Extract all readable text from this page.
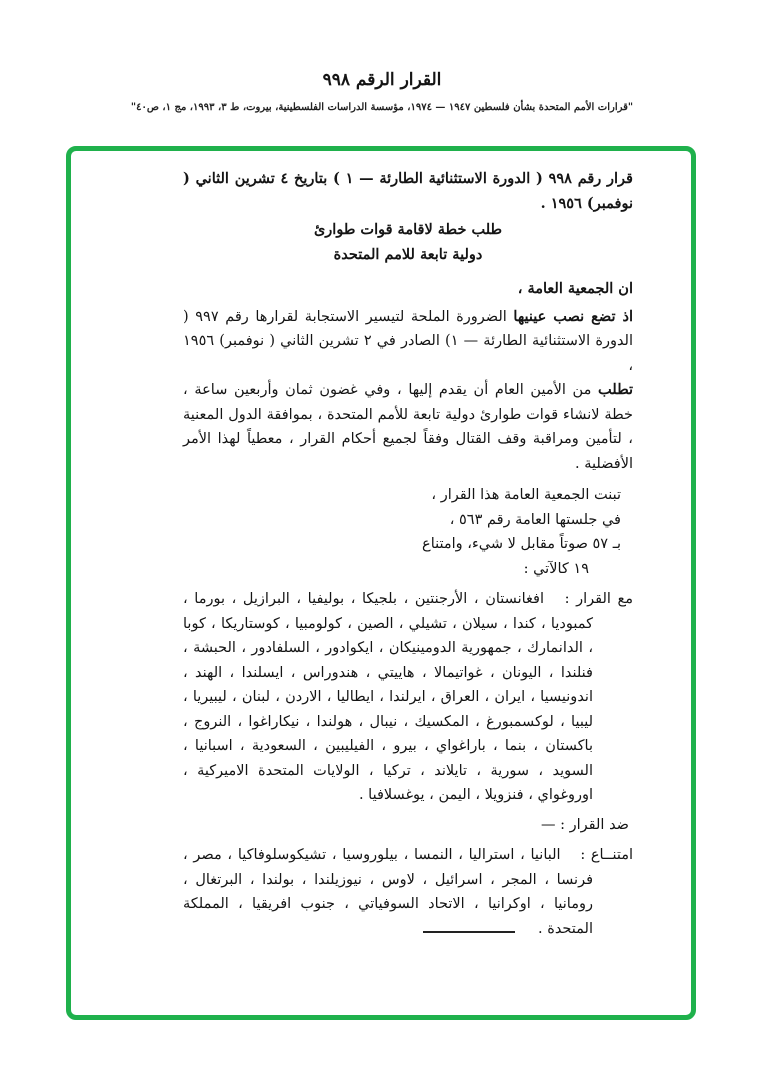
القرار الرقم ٩٩٨
"قرارات الأمم المتحدة بشأن فلسطين ١٩٤٧ — ١٩٧٤، مؤسسة الدراسات الفلسطينية، بيروت، ط ٣، ١٩٩٣، مج ١، ص٤٠"

قرار رقم ٩٩٨ ( الدورة الاستثنائية الطارئة — ١ ) بتاريخ ٤ تشرين الثاني ( نوفمبر) ١٩٥٦ .

طلب خطة لاقامة قوات طوارئ
دولية تابعة للامم المتحدة

ان الجمعية العامة ،

اذ تضع نصب عينيها الضرورة الملحة لتيسير الاستجابة لقرارها رقم ٩٩٧ ( الدورة الاستثنائية الطارئة — ١) الصادر في ٢ تشرين الثاني ( نوفمبر) ١٩٥٦ ،

تطلب من الأمين العام أن يقدم إليها ، وفي غضون ثمان وأربعين ساعة ، خطة لانشاء قوات طوارئ دولية تابعة للأمم المتحدة ، بموافقة الدول المعنية ، لتأمين ومراقبة وقف القتال وفقاً لجميع أحكام القرار ، معطياً لهذا الأمر الأفضلية .

تبنت الجمعية العامة هذا القرار ،
في جلستها العامة رقم ٥٦٣ ،
بـ ٥٧ صوتاً مقابل لا شيء، وامتناع
١٩ كالآتي :

مع القرار : افغانستان ، الأرجنتين ، بلجيكا ، بوليفيا ، البرازيل ، بورما ، كمبوديا ، كندا ، سيلان ، تشيلي ، الصين ، كولومبيا ، كوستاريكا ، كوبا ، الدانمارك ، جمهورية الدومينيكان ، ايكوادور ، السلفادور ، الحبشة ، فنلندا ، اليونان ، غواتيمالا ، هاييتي ، هندوراس ، ايسلندا ، الهند ، اندونيسيا ، ايران ، العراق ، ايرلندا ، ايطاليا ، الاردن ، لبنان ، ليبيريا ، ليبيا ، لوكسمبورغ ، المكسيك ، نيبال ، هولندا ، نيكاراغوا ، النروج ، باكستان ، بنما ، باراغواي ، بيرو ، الفيليبين ، السعودية ، اسبانيا ، السويد ، سورية ، تايلاند ، تركيا ، الولايات المتحدة الاميركية ، اوروغواي ، فنزويلا ، اليمن ، يوغسلافيا .

ضد القرار : —

امتنــاع : البانيا ، استراليا ، النمسا ، بيلوروسيا ، تشيكوسلوفاكيا ، مصر ، فرنسا ، المجر ، اسرائيل ، لاوس ، نيوزيلندا ، بولندا ، البرتغال ، رومانيا ، اوكرانيا ، الاتحاد السوفياتي ، جنوب افريقيا ، المملكة المتحدة .
